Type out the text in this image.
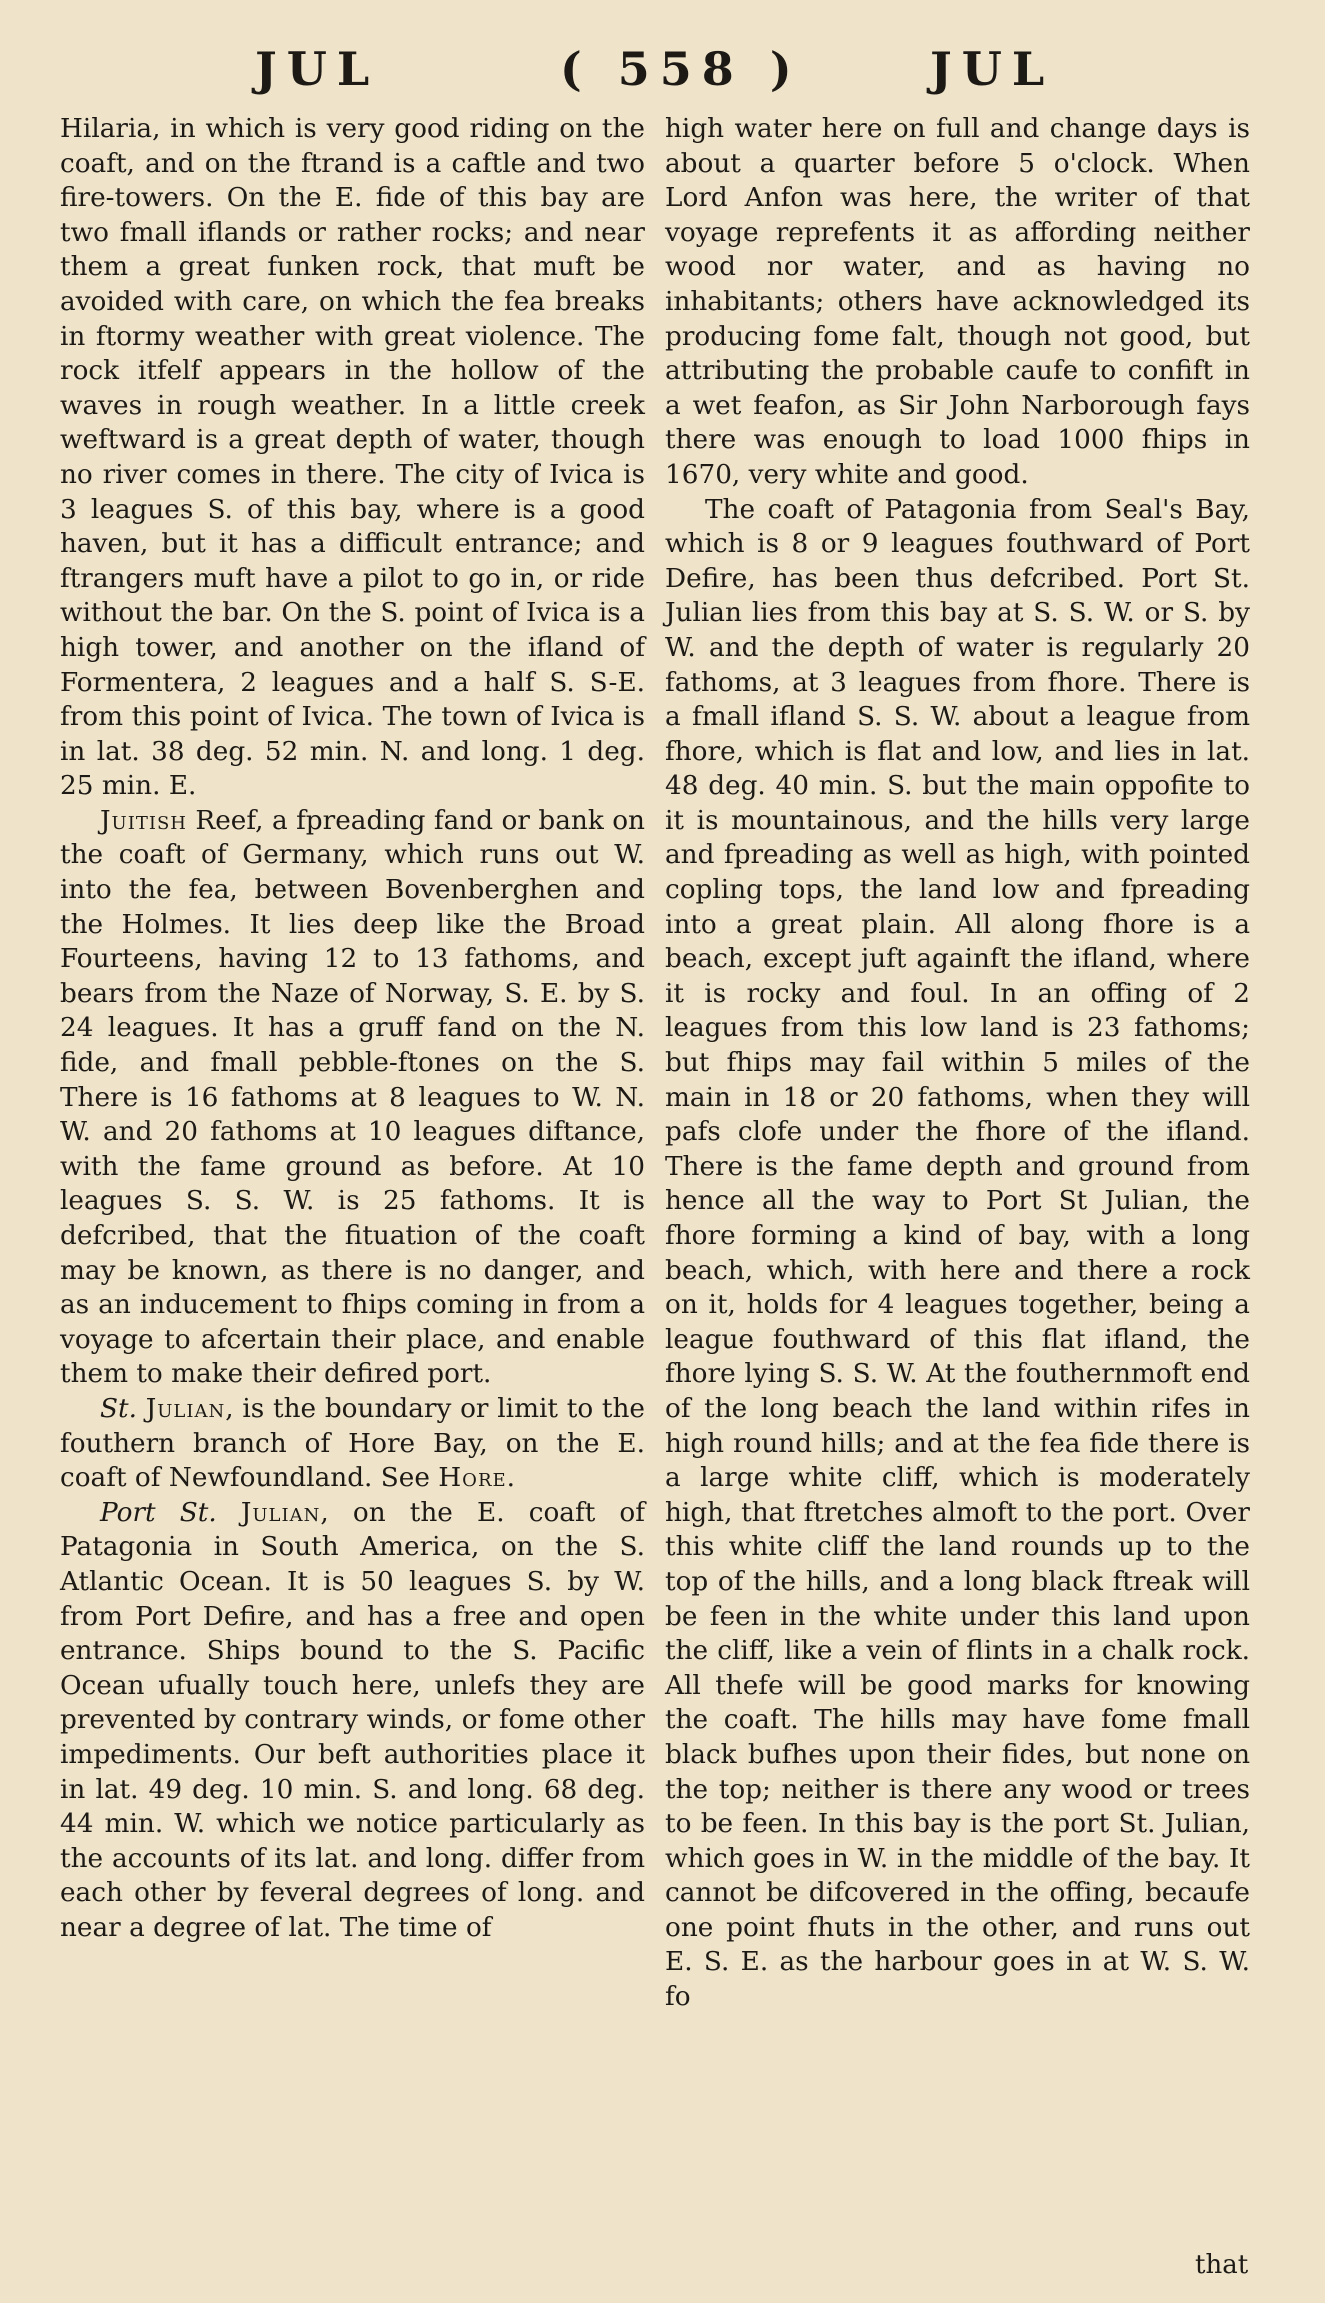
JUL	( 558 )	JUL

Hilaria, in which is very good riding on the coaft, and on the ftrand is a caftle and two fire-towers. On the E. fide of this bay are two fmall iflands or rather rocks; and near them a great funken rock, that muft be avoided with care, on which the fea breaks in ftormy weather with great violence. The rock itfelf appears in the hollow of the waves in rough weather. In a little creek weftward is a great depth of water, though no river comes in there. The city of Ivica is 3 leagues S. of this bay, where is a good haven, but it has a difficult entrance; and ftrangers muft have a pilot to go in, or ride without the bar. On the S. point of Ivica is a high tower, and another on the ifland of Formentera, 2 leagues and a half S. S-E. from this point of Ivica. The town of Ivica is in lat. 38 deg. 52 min. N. and long. 1 deg. 25 min. E.

Juitish Reef, a fpreading fand or bank on the coaft of Germany, which runs out W. into the fea, between Bovenberghen and the Holmes. It lies deep like the Broad Fourteens, having 12 to 13 fathoms, and bears from the Naze of Norway, S. E. by S. 24 leagues. It has a gruff fand on the N. fide, and fmall pebble-ftones on the S. There is 16 fathoms at 8 leagues to W. N. W. and 20 fathoms at 10 leagues diftance, with the fame ground as before. At 10 leagues S. S. W. is 25 fathoms. It is defcribed, that the fituation of the coaft may be known, as there is no danger, and as an inducement to fhips coming in from a voyage to afcertain their place, and enable them to make their defired port.

St. Julian, is the boundary or limit to the fouthern branch of Hore Bay, on the E. coaft of Newfoundland. See Hore.

Port St. Julian, on the E. coaft of Patagonia in South America, on the S. Atlantic Ocean. It is 50 leagues S. by W. from Port Defire, and has a free and open entrance. Ships bound to the S. Pacific Ocean ufually touch here, unlefs they are prevented by contrary winds, or fome other impediments. Our beft authorities place it in lat. 49 deg. 10 min. S. and long. 68 deg. 44 min. W. which we notice particularly as the accounts of its lat. and long. differ from each other by feveral degrees of long. and near a degree of lat. The time of

high water here on full and change days is about a quarter before 5 o'clock. When Lord Anfon was here, the writer of that voyage reprefents it as affording neither wood nor water, and as having no inhabitants; others have acknowledged its producing fome falt, though not good, but attributing the probable caufe to confift in a wet feafon, as Sir John Narborough fays there was enough to load 1000 fhips in 1670, very white and good.

The coaft of Patagonia from Seal's Bay, which is 8 or 9 leagues fouthward of Port Defire, has been thus defcribed. Port St. Julian lies from this bay at S. S. W. or S. by W. and the depth of water is regularly 20 fathoms, at 3 leagues from fhore. There is a fmall ifland S. S. W. about a league from fhore, which is flat and low, and lies in lat. 48 deg. 40 min. S. but the main oppofite to it is mountainous, and the hills very large and fpreading as well as high, with pointed copling tops, the land low and fpreading into a great plain. All along fhore is a beach, except juft againft the ifland, where it is rocky and foul. In an offing of 2 leagues from this low land is 23 fathoms; but fhips may fail within 5 miles of the main in 18 or 20 fathoms, when they will pafs clofe under the fhore of the ifland. There is the fame depth and ground from hence all the way to Port St Julian, the fhore forming a kind of bay, with a long beach, which, with here and there a rock on it, holds for 4 leagues together, being a league fouthward of this flat ifland, the fhore lying S. S. W. At the fouthernmoft end of the long beach the land within rifes in high round hills; and at the fea fide there is a large white cliff, which is moderately high, that ftretches almoft to the port. Over this white cliff the land rounds up to the top of the hills, and a long black ftreak will be feen in the white under this land upon the cliff, like a vein of flints in a chalk rock. All thefe will be good marks for knowing the coaft. The hills may have fome fmall black bufhes upon their fides, but none on the top; neither is there any wood or trees to be feen. In this bay is the port St. Julian, which goes in W. in the middle of the bay. It cannot be difcovered in the offing, becaufe one point fhuts in the other, and runs out E. S. E. as the harbour goes in at W. S. W. fo

that
